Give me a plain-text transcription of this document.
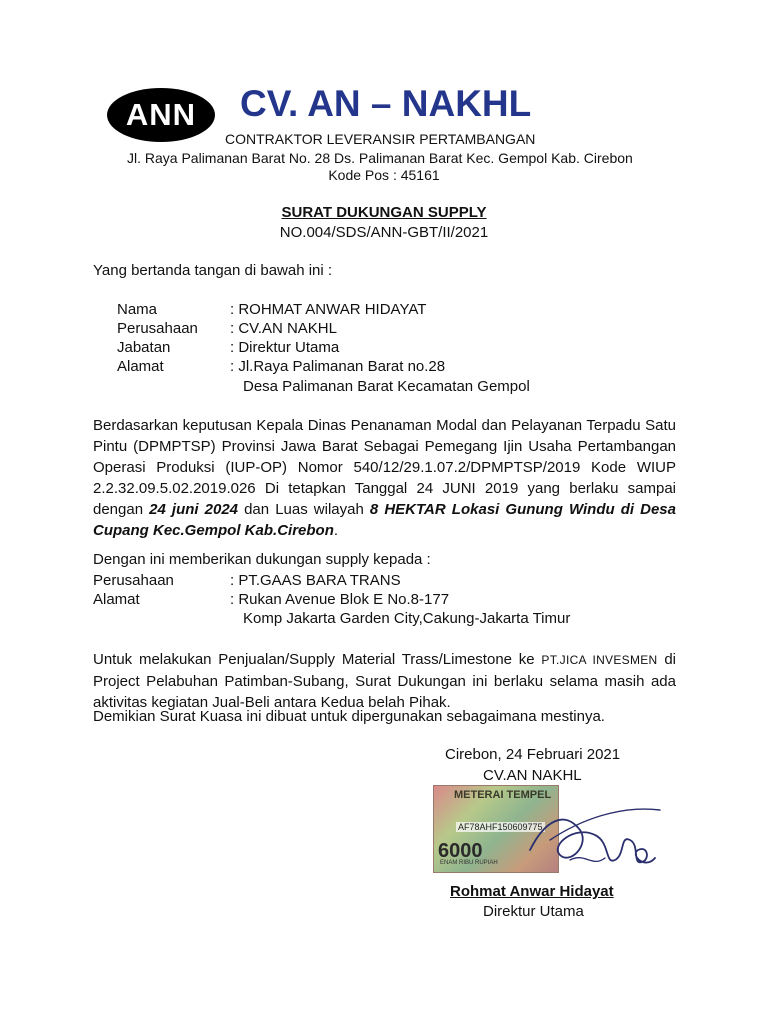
ANN CV. AN – NAKHL
CONTRAKTOR LEVERANSIR PERTAMBANGAN
Jl. Raya Palimanan Barat No. 28 Ds. Palimanan Barat Kec. Gempol Kab. Cirebon
Kode Pos : 45161
SURAT DUKUNGAN SUPPLY
NO.004/SDS/ANN-GBT/II/2021
Yang bertanda tangan di bawah ini :
Nama	: ROHMAT ANWAR HIDAYAT
Perusahaan : CV.AN NAKHL
Jabatan	: Direktur Utama
Alamat	: Jl.Raya Palimanan Barat no.28
Desa Palimanan Barat Kecamatan Gempol
Berdasarkan keputusan Kepala Dinas Penanaman Modal dan Pelayanan Terpadu Satu Pintu (DPMPTSP) Provinsi Jawa Barat Sebagai Pemegang Ijin Usaha Pertambangan Operasi Produksi (IUP-OP) Nomor 540/12/29.1.07.2/DPMPTSP/2019 Kode WIUP 2.2.32.09.5.02.2019.026 Di tetapkan Tanggal 24 JUNI 2019 yang berlaku sampai dengan 24 juni 2024 dan Luas wilayah 8 HEKTAR Lokasi Gunung Windu di Desa Cupang Kec.Gempol Kab.Cirebon.
Dengan ini memberikan dukungan supply kepada :
Perusahaan	: PT.GAAS BARA TRANS
Alamat	: Rukan Avenue Blok E No.8-177
Komp Jakarta Garden City,Cakung-Jakarta Timur
Untuk melakukan Penjualan/Supply Material Trass/Limestone ke PT.JICA INVESMEN di Project Pelabuhan Patimban-Subang, Surat Dukungan ini berlaku selama masih ada aktivitas kegiatan Jual-Beli antara Kedua belah Pihak.
Demikian Surat Kuasa ini dibuat untuk dipergunakan sebagaimana mestinya.
Cirebon, 24 Februari 2021
CV.AN NAKHL
METERAI TEMPEL
AF78AHF150609775
6000
ENAM RIBU RUPIAH
Rohmat Anwar Hidayat
Direktur Utama
